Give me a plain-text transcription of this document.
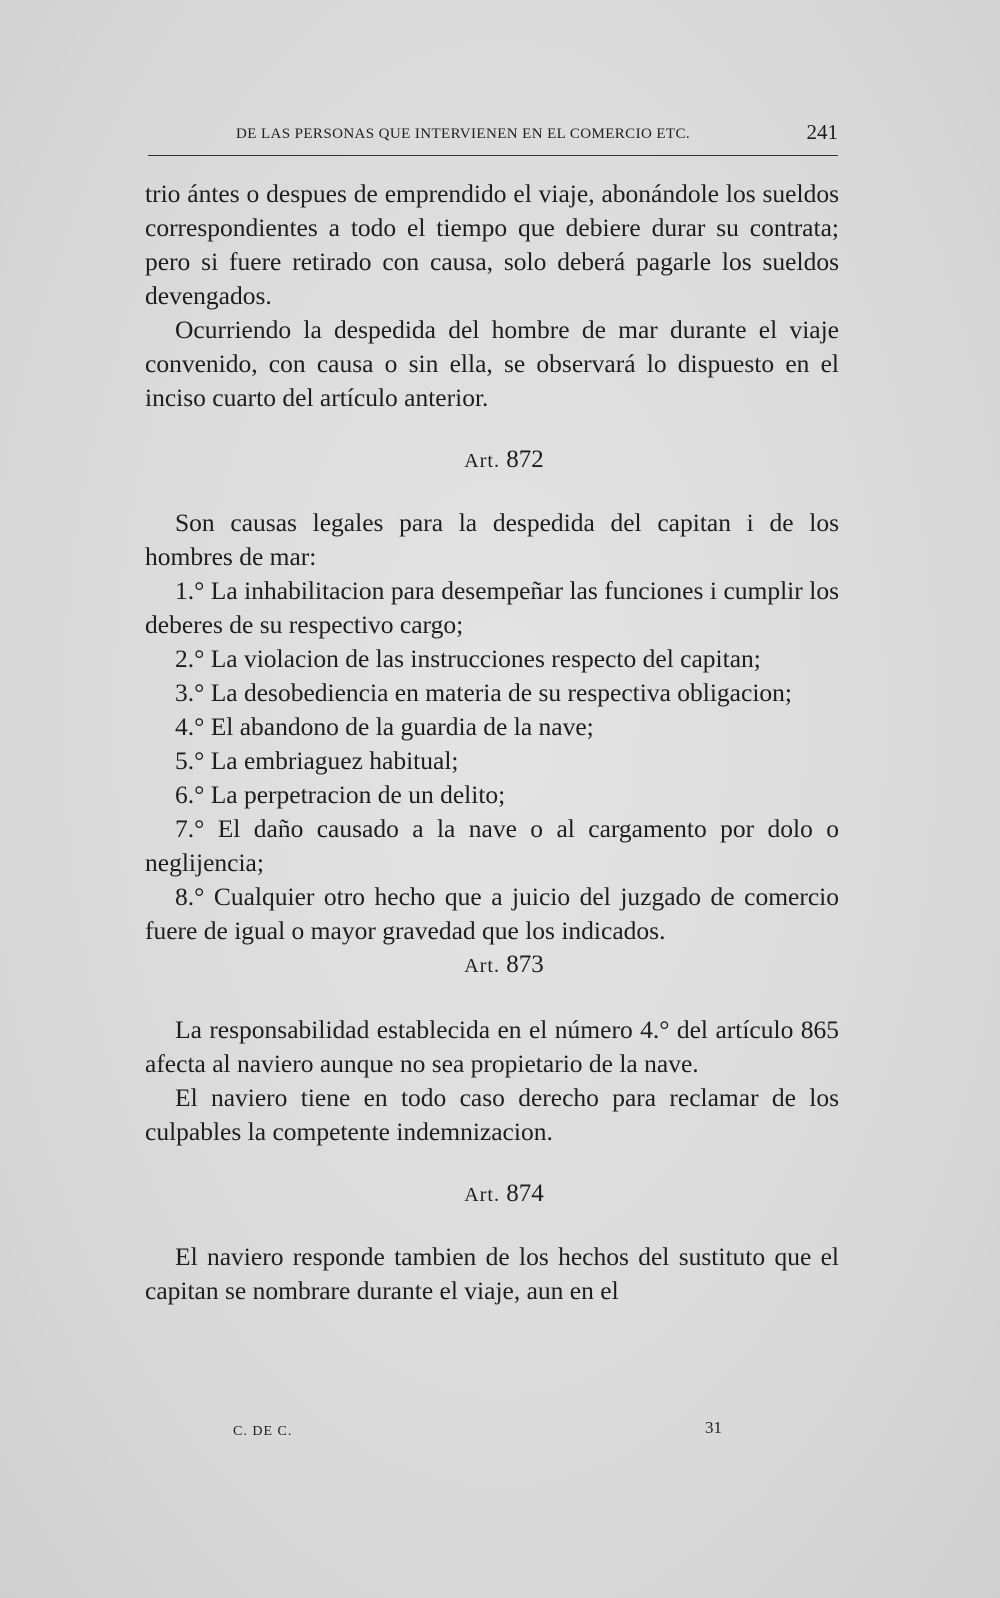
DE LAS PERSONAS QUE INTERVIENEN EN EL COMERCIO ETC.	241

trio ántes o despues de emprendido el viaje, abonándole los sueldos correspondientes a todo el tiempo que debiere durar su contrata; pero si fuere retirado con causa, solo deberá pagarle los sueldos devengados.

Ocurriendo la despedida del hombre de mar durante el viaje convenido, con causa o sin ella, se observará lo dispuesto en el inciso cuarto del artículo anterior.

Art. 872

Son causas legales para la despedida del capitan i de los hombres de mar:

1.° La inhabilitacion para desempeñar las funciones i cumplir los deberes de su respectivo cargo;

2.° La violacion de las instrucciones respecto del capitan;

3.° La desobediencia en materia de su respectiva obligacion;

4.° El abandono de la guardia de la nave;

5.° La embriaguez habitual;

6.° La perpetracion de un delito;

7.° El daño causado a la nave o al cargamento por dolo o neglijencia;

8.° Cualquier otro hecho que a juicio del juzgado de comercio fuere de igual o mayor gravedad que los indicados.

Art. 873

La responsabilidad establecida en el número 4.° del artículo 865 afecta al naviero aunque no sea propietario de la nave.

El naviero tiene en todo caso derecho para reclamar de los culpables la competente indemnizacion.

Art. 874

El naviero responde tambien de los hechos del sustituto que el capitan se nombrare durante el viaje, aun en el

C. DE C.	31
